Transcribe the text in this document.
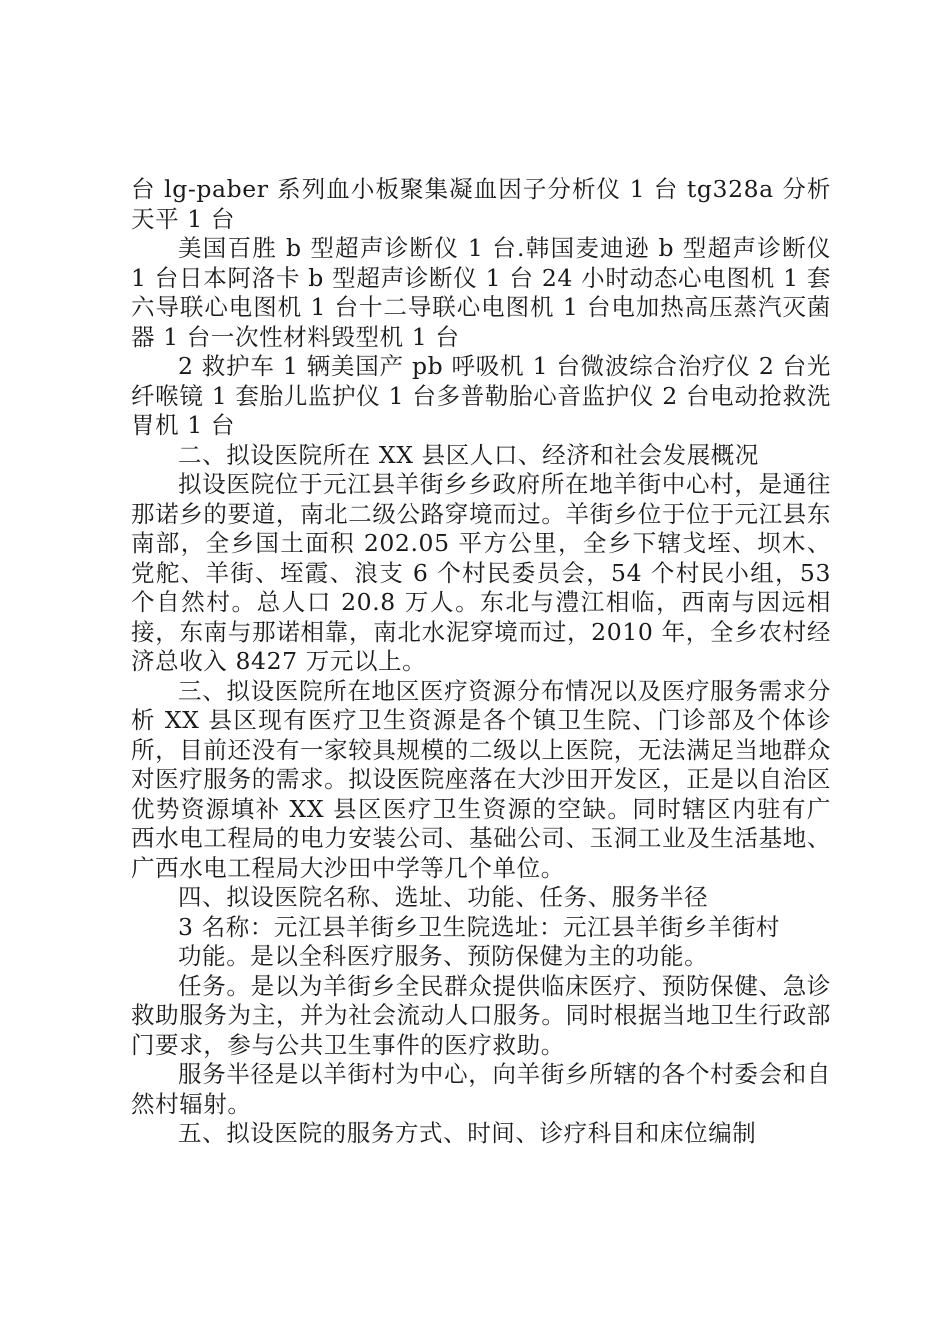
台 lg-paber 系列血小板聚集凝血因子分析仪 1 台 tg328a 分析天平 1 台

美国百胜 b 型超声诊断仪 1 台.韩国麦迪逊 b 型超声诊断仪 1 台日本阿洛卡 b 型超声诊断仪 1 台 24 小时动态心电图机 1 套六导联心电图机 1 台十二导联心电图机 1 台电加热高压蒸汽灭菌器 1 台一次性材料毁型机 1 台

2 救护车 1 辆美国产 pb 呼吸机 1 台微波综合治疗仪 2 台光纤喉镜 1 套胎儿监护仪 1 台多普勒胎心音监护仪 2 台电动抢救洗胃机 1 台

二、拟设医院所在 XX 县区人口、经济和社会发展概况

拟设医院位于元江县羊街乡乡政府所在地羊街中心村，是通往那诺乡的要道，南北二级公路穿境而过。羊街乡位于位于元江县东南部，全乡国土面积 202.05 平方公里，全乡下辖戈垤、坝木、党舵、羊街、垤霞、浪支 6 个村民委员会，54 个村民小组，53 个自然村。总人口 20.8 万人。东北与澧江相临，西南与因远相接，东南与那诺相靠，南北水泥穿境而过，2010 年，全乡农村经济总收入 8427 万元以上。

三、拟设医院所在地区医疗资源分布情况以及医疗服务需求分析 XX 县区现有医疗卫生资源是各个镇卫生院、门诊部及个体诊所，目前还没有一家较具规模的二级以上医院，无法满足当地群众对医疗服务的需求。拟设医院座落在大沙田开发区，正是以自治区优势资源填补 XX 县区医疗卫生资源的空缺。同时辖区内驻有广西水电工程局的电力安装公司、基础公司、玉洞工业及生活基地、广西水电工程局大沙田中学等几个单位。

四、拟设医院名称、选址、功能、任务、服务半径

3 名称：元江县羊街乡卫生院选址：元江县羊街乡羊街村

功能。是以全科医疗服务、预防保健为主的功能。

任务。是以为羊街乡全民群众提供临床医疗、预防保健、急诊救助服务为主，并为社会流动人口服务。同时根据当地卫生行政部门要求，参与公共卫生事件的医疗救助。

服务半径是以羊街村为中心，向羊街乡所辖的各个村委会和自然村辐射。

五、拟设医院的服务方式、时间、诊疗科目和床位编制
